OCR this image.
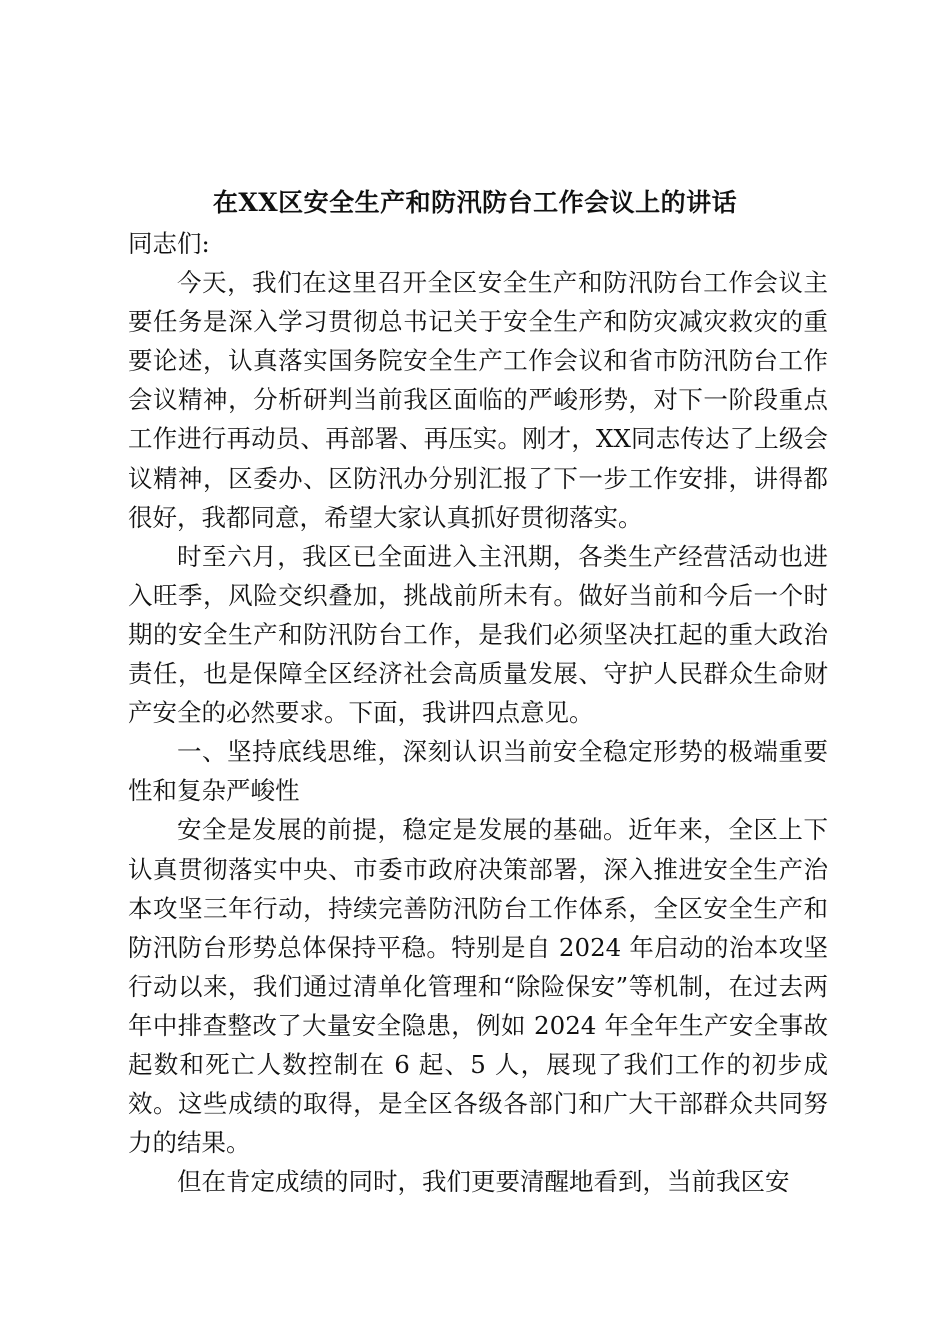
在XX区安全生产和防汛防台工作会议上的讲话

同志们:

今天，我们在这里召开全区安全生产和防汛防台工作会议主要任务是深入学习贯彻总书记关于安全生产和防灾减灾救灾的重要论述，认真落实国务院安全生产工作会议和省市防汛防台工作会议精神，分析研判当前我区面临的严峻形势，对下一阶段重点工作进行再动员、再部署、再压实。刚才，XX同志传达了上级会议精神，区委办、区防汛办分别汇报了下一步工作安排，讲得都很好，我都同意，希望大家认真抓好贯彻落实。

时至六月，我区已全面进入主汛期，各类生产经营活动也进入旺季，风险交织叠加，挑战前所未有。做好当前和今后一个时期的安全生产和防汛防台工作，是我们必须坚决扛起的重大政治责任，也是保障全区经济社会高质量发展、守护人民群众生命财产安全的必然要求。下面，我讲四点意见。

一、坚持底线思维，深刻认识当前安全稳定形势的极端重要性和复杂严峻性

安全是发展的前提，稳定是发展的基础。近年来，全区上下认真贯彻落实中央、市委市政府决策部署，深入推进安全生产治本攻坚三年行动，持续完善防汛防台工作体系，全区安全生产和防汛防台形势总体保持平稳。特别是自 2024 年启动的治本攻坚行动以来，我们通过清单化管理和“除险保安”等机制，在过去两年中排查整改了大量安全隐患，例如 2024 年全年生产安全事故起数和死亡人数控制在 6 起、5 人，展现了我们工作的初步成效。这些成绩的取得，是全区各级各部门和广大干部群众共同努力的结果。

但在肯定成绩的同时，我们更要清醒地看到，当前我区安
